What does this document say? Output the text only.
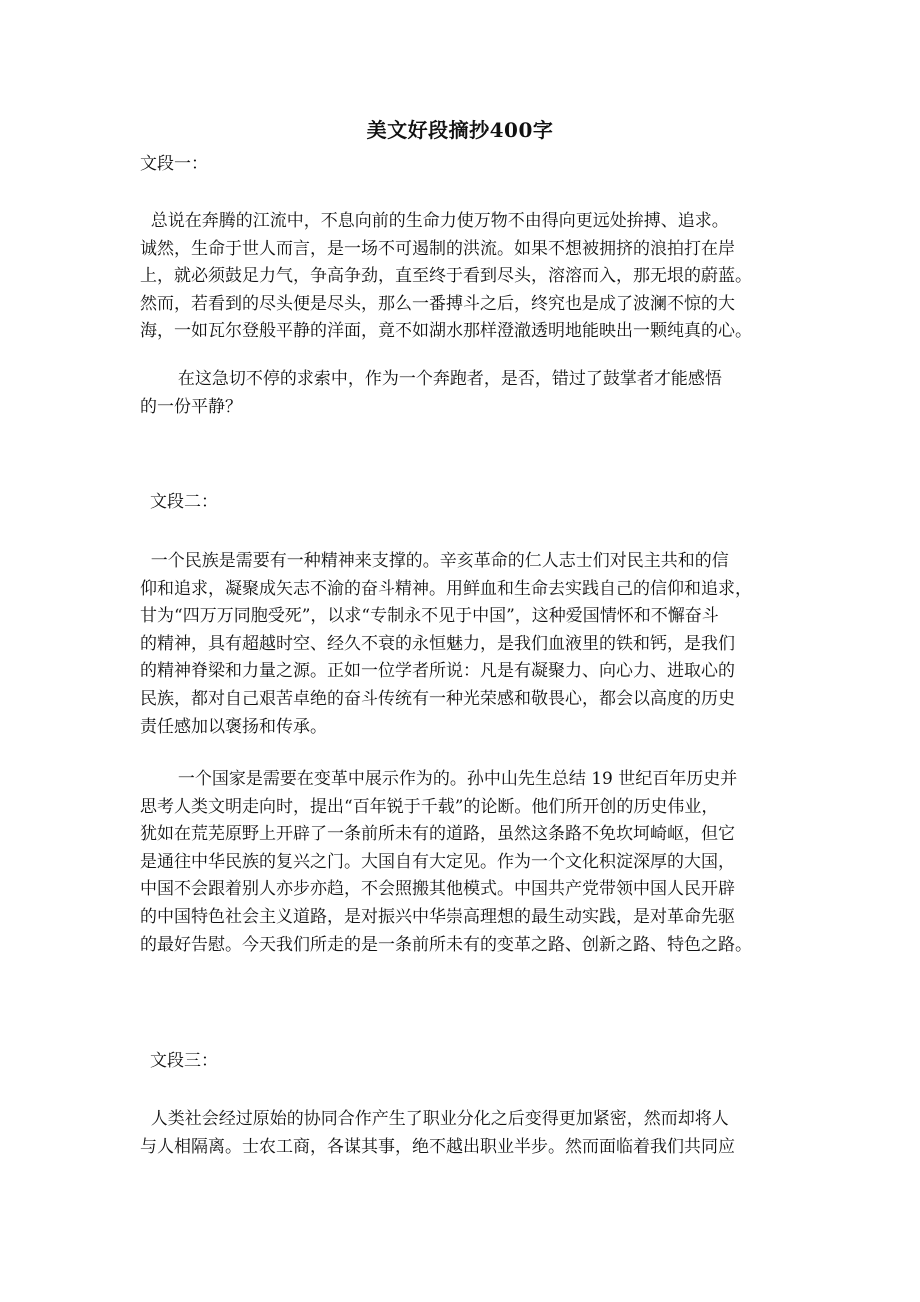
美文好段摘抄400字
文段一：
总说在奔腾的江流中，不息向前的生命力使万物不由得向更远处拚搏、追求。
诚然，生命于世人而言，是一场不可遏制的洪流。如果不想被拥挤的浪拍打在岸
上，就必须鼓足力气，争高争劲，直至终于看到尽头，溶溶而入，那无垠的蔚蓝。
然而，若看到的尽头便是尽头，那么一番搏斗之后，终究也是成了波澜不惊的大
海，一如瓦尔登般平静的洋面，竟不如湖水那样澄澈透明地能映出一颗纯真的心。
在这急切不停的求索中，作为一个奔跑者，是否，错过了鼓掌者才能感悟
的一份平静？
文段二：
一个民族是需要有一种精神来支撑的。辛亥革命的仁人志士们对民主共和的信
仰和追求，凝聚成矢志不渝的奋斗精神。用鲜血和生命去实践自己的信仰和追求，
甘为“四万万同胞受死”，以求“专制永不见于中国”，这种爱国情怀和不懈奋斗
的精神，具有超越时空、经久不衰的永恒魅力，是我们血液里的铁和钙，是我们
的精神脊梁和力量之源。正如一位学者所说：凡是有凝聚力、向心力、进取心的
民族，都对自己艰苦卓绝的奋斗传统有一种光荣感和敬畏心，都会以高度的历史
责任感加以褒扬和传承。
一个国家是需要在变革中展示作为的。孙中山先生总结 19 世纪百年历史并
思考人类文明走向时，提出“百年锐于千载”的论断。他们所开创的历史伟业，
犹如在荒芜原野上开辟了一条前所未有的道路，虽然这条路不免坎坷崎岖，但它
是通往中华民族的复兴之门。大国自有大定见。作为一个文化积淀深厚的大国，
中国不会跟着别人亦步亦趋，不会照搬其他模式。中国共产党带领中国人民开辟
的中国特色社会主义道路，是对振兴中华崇高理想的最生动实践，是对革命先驱
的最好告慰。今天我们所走的是一条前所未有的变革之路、创新之路、特色之路。
文段三：
人类社会经过原始的协同合作产生了职业分化之后变得更加紧密，然而却将人
与人相隔离。士农工商，各谋其事，绝不越出职业半步。然而面临着我们共同应
